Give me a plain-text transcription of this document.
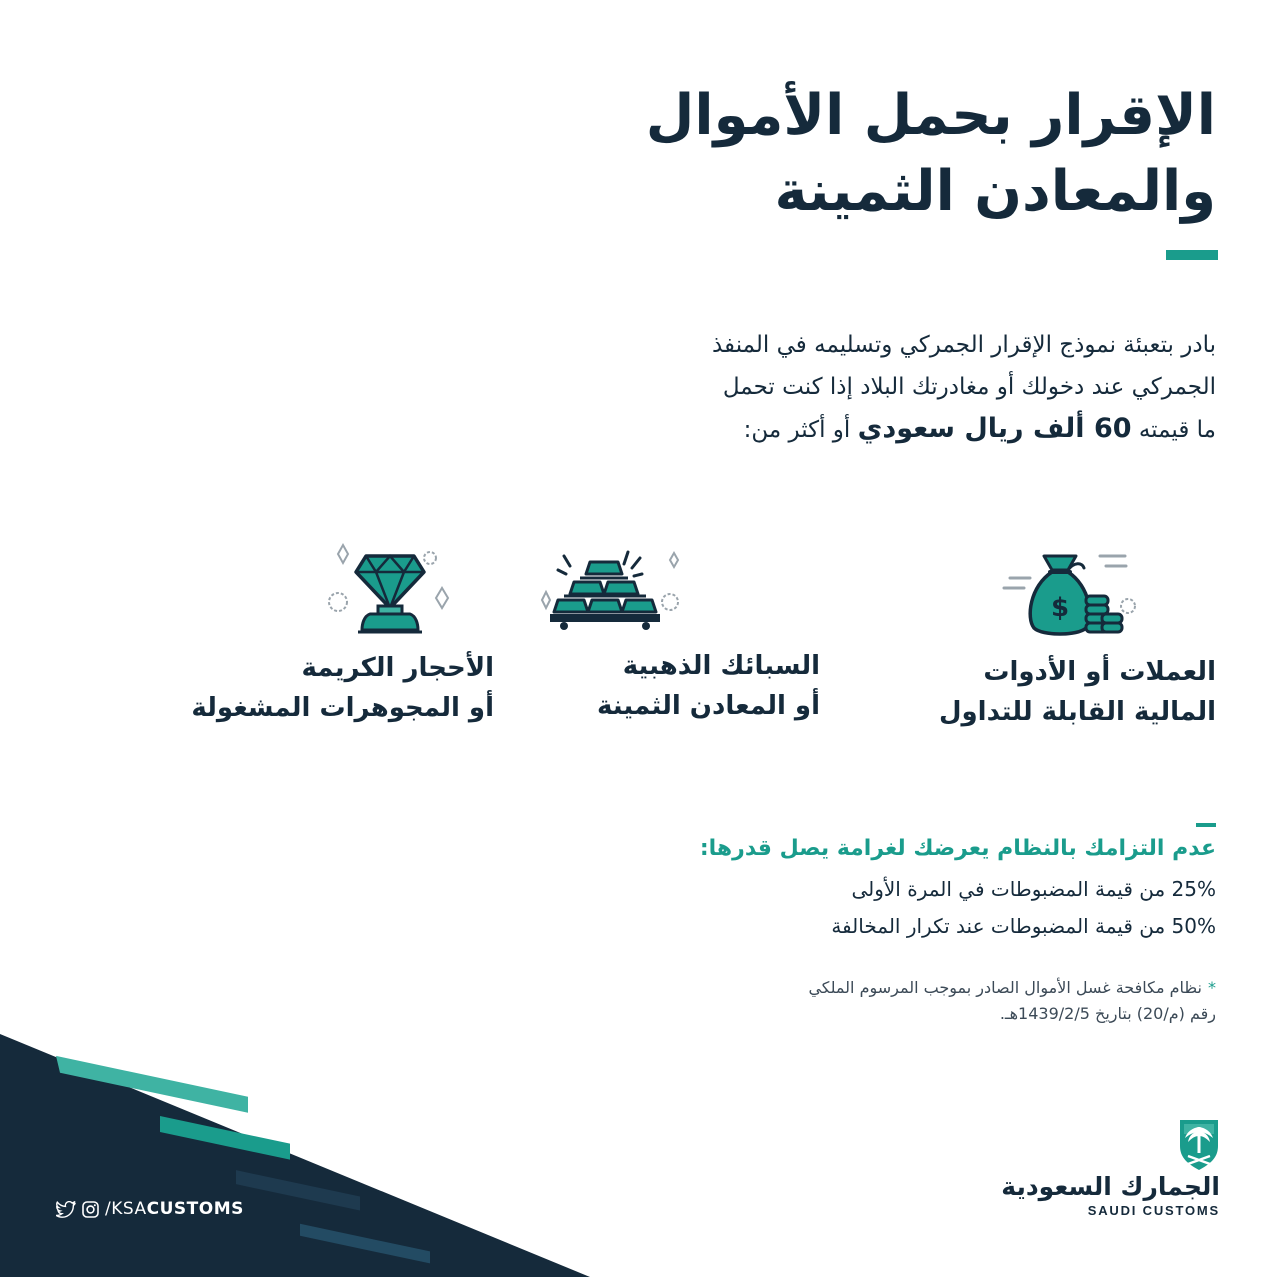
الإقرار بحمل الأموال
والمعادن الثمينة
بادر بتعبئة نموذج الإقرار الجمركي وتسليمه في المنفذ
الجمركي عند دخولك أو مغادرتك البلاد إذا كنت تحمل
ما قيمته 60 ألف ريال سعودي أو أكثر من:
$
العملات أو الأدوات
المالية القابلة للتداول
السبائك الذهبية
أو المعادن الثمينة
الأحجار الكريمة
أو المجوهرات المشغولة
عدم التزامك بالنظام يعرضك لغرامة يصل قدرها:
25% من قيمة المضبوطات في المرة الأولى
50% من قيمة المضبوطات عند تكرار المخالفة
*نظام مكافحة غسل الأموال الصادر بموجب المرسوم الملكي
رقم (م/20) بتاريخ 1439/2/5هـ.
/KSACUSTOMS
الجمارك السعودية
SAUDI CUSTOMS
